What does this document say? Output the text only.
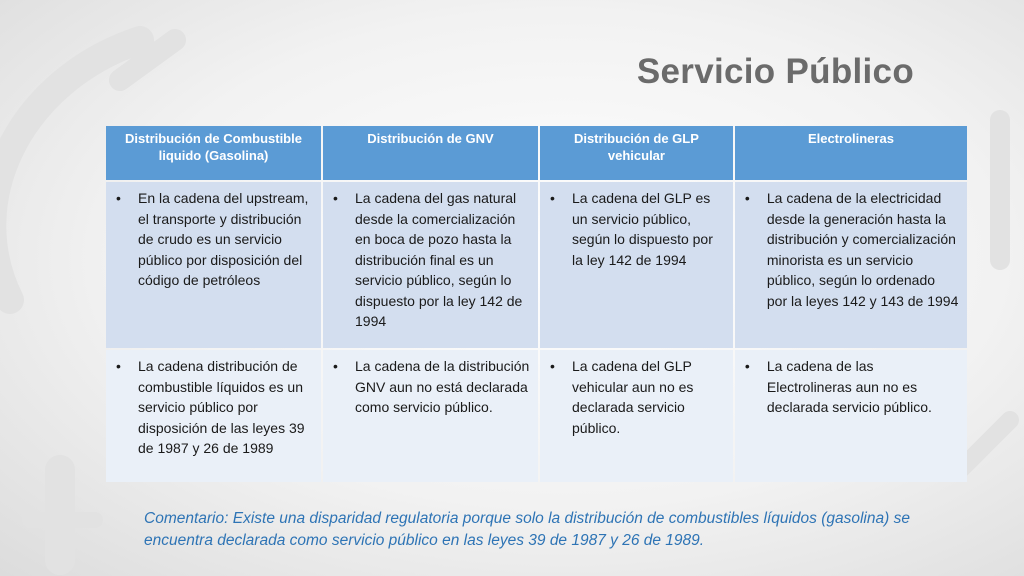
Servicio Público
Distribución de Combustible liquido (Gasolina)	Distribución de GNV	Distribución de GLP vehicular	Electrolineras

• En la cadena del upstream, el transporte y distribución de crudo es un servicio público por disposición del código de petróleos	• La cadena del gas natural desde la comercialización en boca de pozo hasta la distribución final es un servicio público, según lo dispuesto por la ley 142 de 1994	• La cadena del GLP es un servicio público, según lo dispuesto por la ley 142 de 1994	• La cadena de la electricidad desde la generación hasta la distribución y comercialización minorista es un servicio público, según lo ordenado por la leyes 142 y 143 de 1994

• La cadena distribución de combustible líquidos es un servicio público por disposición de las leyes 39 de 1987 y 26 de 1989	• La cadena de la distribución GNV aun no está declarada como servicio público.	• La cadena del GLP vehicular aun no es declarada servicio público.	• La cadena de las Electrolineras aun no es declarada servicio público.
Comentario: Existe una disparidad regulatoria porque solo la distribución de combustibles líquidos (gasolina) se encuentra declarada como servicio público en las leyes 39 de 1987 y 26 de 1989.
